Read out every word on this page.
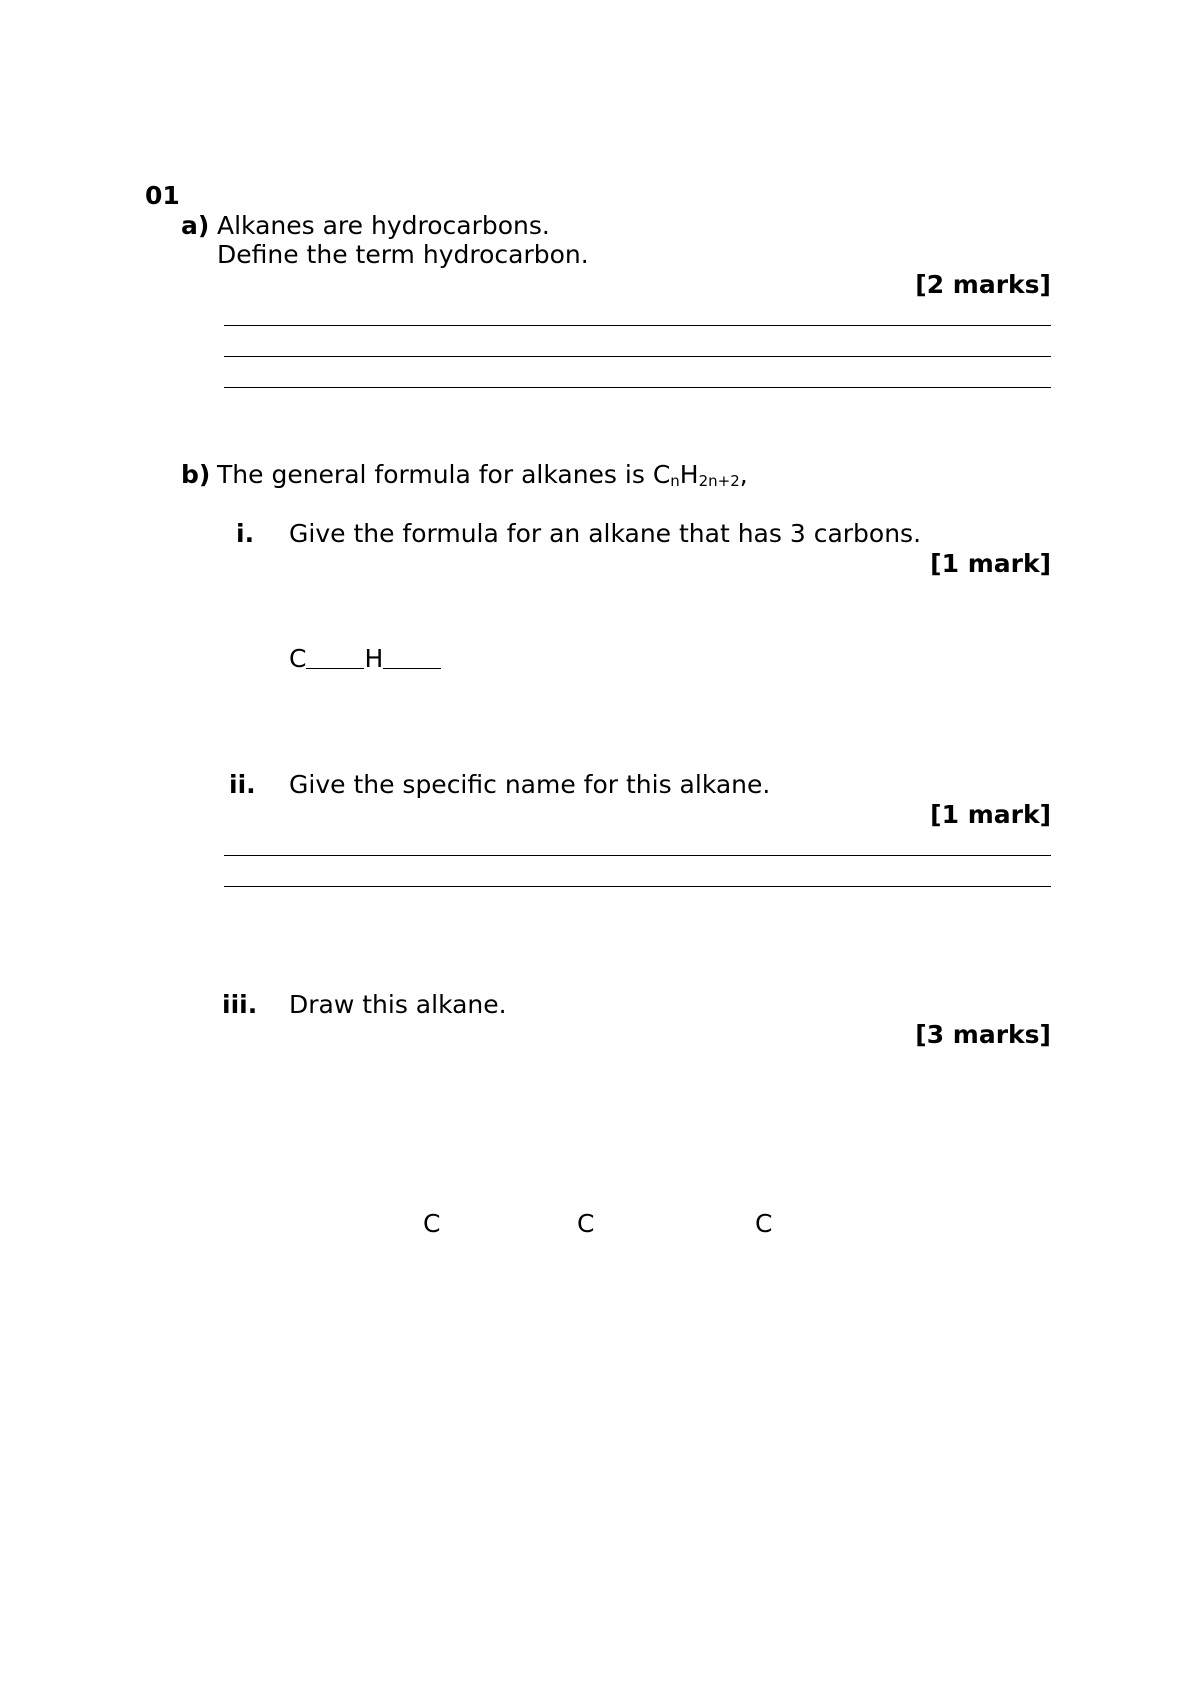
01
a) Alkanes are hydrocarbons.
Define the term hydrocarbon.
[2 marks]
b) The general formula for alkanes is $C_nH_{2n+2}$,
i. Give the formula for an alkane that has 3 carbons.
[1 mark]
C H
ii. Give the specific name for this alkane.
[1 mark]
iii. Draw this alkane.
[3 marks]
C	C	C
